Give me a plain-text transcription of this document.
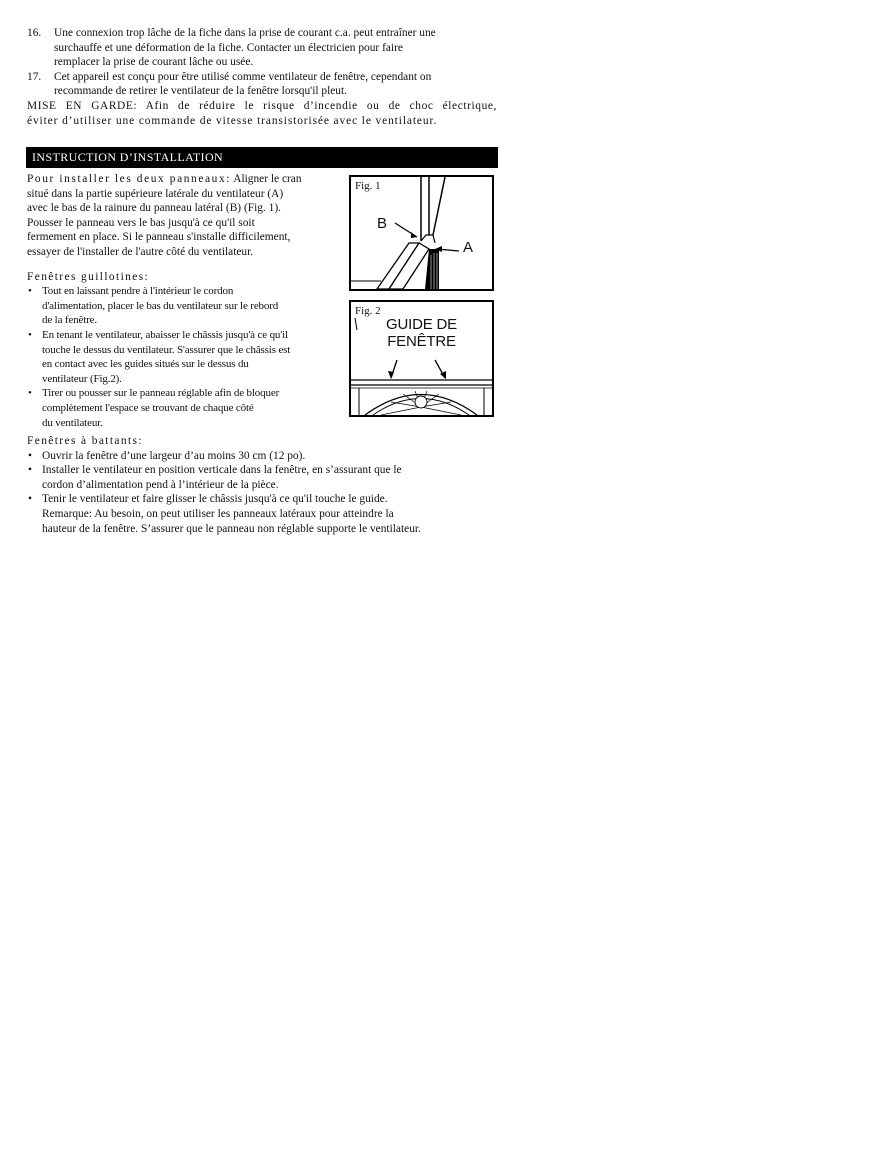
16. Une connexion trop lâche de la fiche dans la prise de courant c.a. peut entraîner une
surchauffe et une déformation de la fiche. Contacter un électricien pour faire
remplacer la prise de courant lâche ou usée.
17. Cet appareil est conçu pour être utilisé comme ventilateur de fenêtre, cependant on
recommande de retirer le ventilateur de la fenêtre lorsqu'il pleut.
MISE EN GARDE: Afin de réduire le risque d’incendie ou de choc électrique,
éviter d’utiliser une commande de vitesse transistorisée avec le ventilateur.
INSTRUCTION D’INSTALLATION
Pour installer les deux panneaux: Aligner le cran
situé dans la partie supérieure latérale du ventilateur (A)
avec le bas de la rainure du panneau latéral (B) (Fig. 1).
Pousser le panneau vers le bas jusqu'à ce qu'il soit
fermement en place. Si le panneau s'installe difficilement,
essayer de l'installer de l'autre côté du ventilateur.
Fenêtres guillotines:
• Tout en laissant pendre à l'intérieur le cordon
d'alimentation, placer le bas du ventilateur sur le rebord
de la fenêtre.
• En tenant le ventilateur, abaisser le châssis jusqu'à ce qu'il
touche le dessus du ventilateur. S'assurer que le châssis est
en contact avec les guides situés sur le dessus du
ventilateur (Fig.2).
• Tirer ou pousser sur le panneau réglable afin de bloquer
complètement l'espace se trouvant de chaque côté
du ventilateur.
Fenêtres à battants:
• Ouvrir la fenêtre d’une largeur d’au moins 30 cm (12 po).
• Installer le ventilateur en position verticale dans la fenêtre, en s’assurant que le
cordon d’alimentation pend à l’intérieur de la pièce.
• Tenir le ventilateur et faire glisser le châssis jusqu'à ce qu'il touche le guide.
Remarque: Au besoin, on peut utiliser les panneaux latéraux pour atteindre la
hauteur de la fenêtre. S’assurer que le panneau non réglable supporte le ventilateur.
Fig. 1
B
A
Fig. 2
GUIDE DE
FENÊTRE
